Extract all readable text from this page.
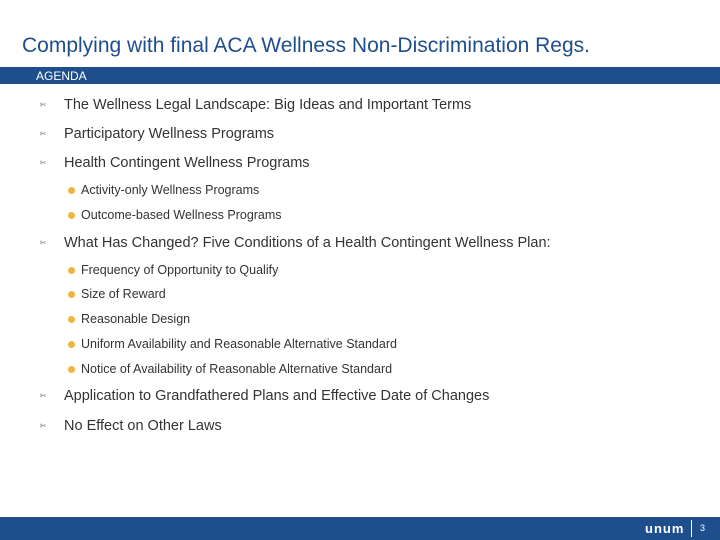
Complying with final ACA Wellness Non-Discrimination Regs.
AGENDA
✄	The Wellness Legal Landscape: Big Ideas and Important Terms
✄	Participatory Wellness Programs
✄	Health Contingent Wellness Programs
Activity-only Wellness Programs
Outcome-based Wellness Programs
✄	What Has Changed? Five Conditions of a Health Contingent Wellness Plan:
Frequency of Opportunity to Qualify
Size of Reward
Reasonable Design
Uniform Availability and Reasonable Alternative Standard
Notice of Availability of Reasonable Alternative Standard
✄	Application to Grandfathered Plans and Effective Date of Changes
✄	No Effect on Other Laws
unum 3
